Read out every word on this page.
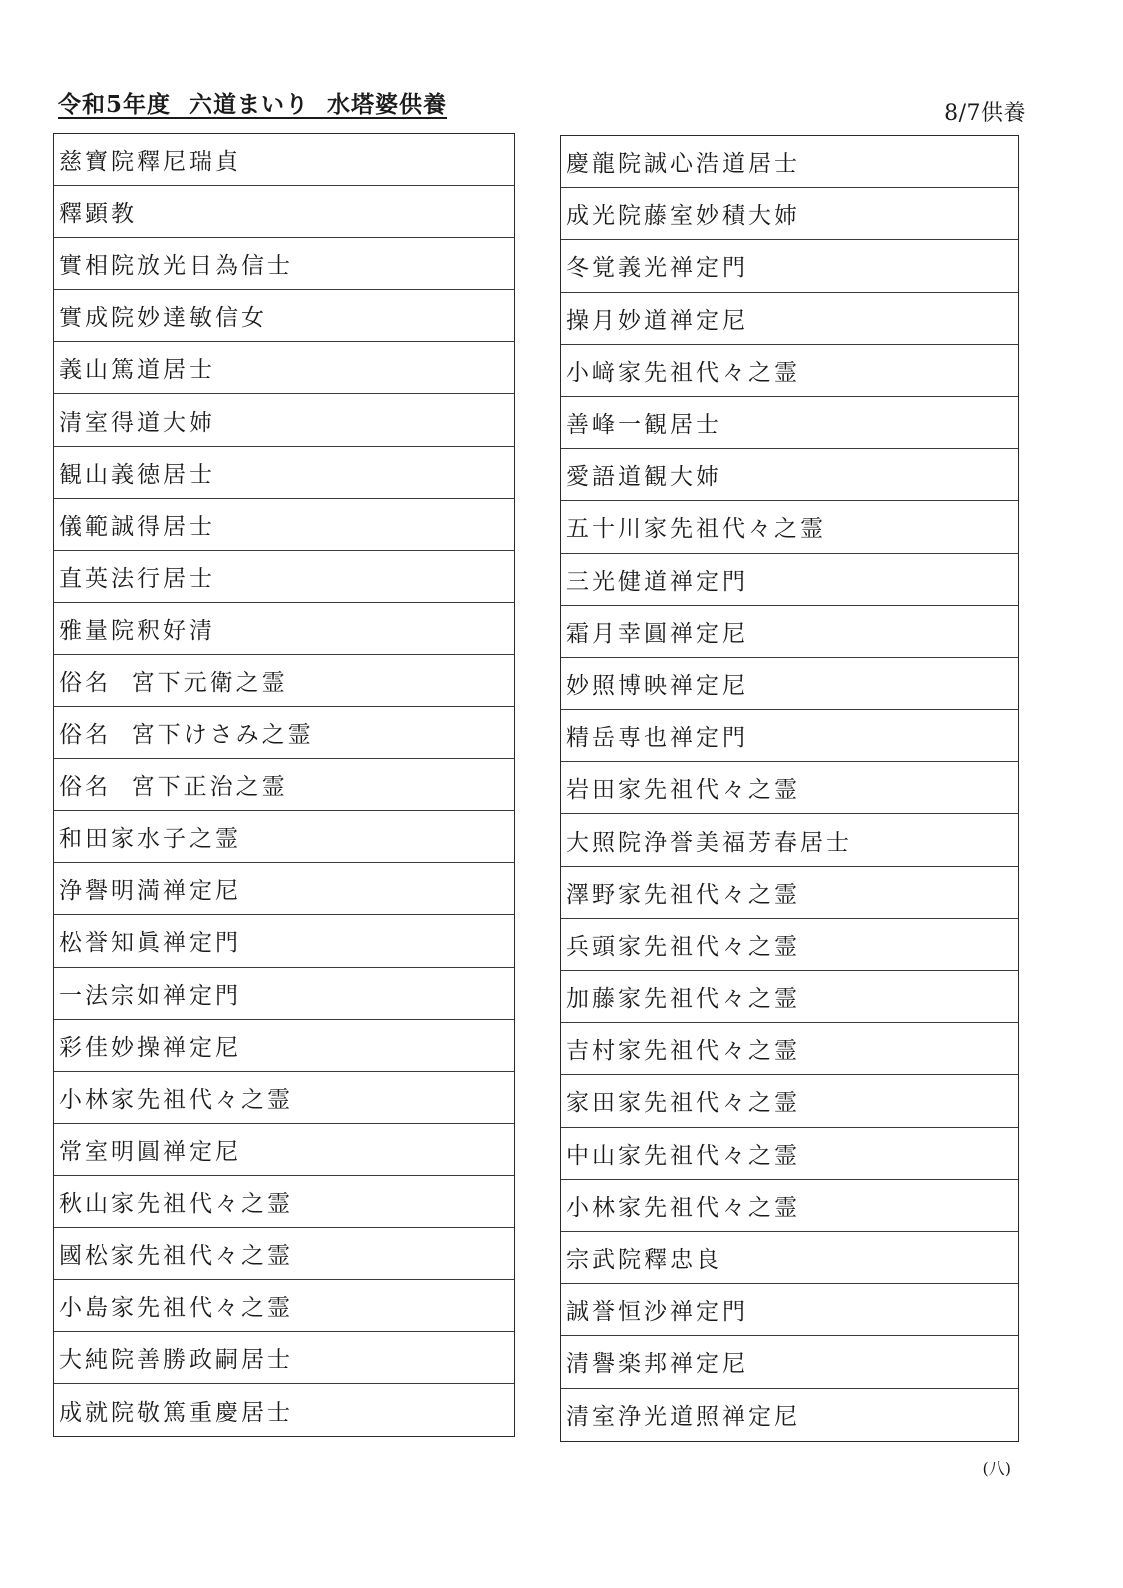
令和5年度  六道まいり  水塔婆供養	8/7供養
慈寶院釋尼瑞貞
釋顕教
實相院放光日為信士
實成院妙達敏信女
義山篤道居士
清室得道大姉
観山義徳居士
儀範誠得居士
直英法行居士
雅量院釈好清
俗名  宮下元衛之霊
俗名  宮下けさみ之霊
俗名  宮下正治之霊
和田家水子之霊
浄譽明満禅定尼
松誉知眞禅定門
一法宗如禅定門
彩佳妙操禅定尼
小林家先祖代々之霊
常室明圓禅定尼
秋山家先祖代々之霊
國松家先祖代々之霊
小島家先祖代々之霊
大純院善勝政嗣居士
成就院敬篤重慶居士
慶龍院誠心浩道居士
成光院藤室妙積大姉
冬覚義光禅定門
操月妙道禅定尼
小﨑家先祖代々之霊
善峰一観居士
愛語道観大姉
五十川家先祖代々之霊
三光健道禅定門
霜月幸圓禅定尼
妙照博映禅定尼
精岳専也禅定門
岩田家先祖代々之霊
大照院浄誉美福芳春居士
澤野家先祖代々之霊
兵頭家先祖代々之霊
加藤家先祖代々之霊
吉村家先祖代々之霊
家田家先祖代々之霊
中山家先祖代々之霊
小林家先祖代々之霊
宗武院釋忠良
誠誉恒沙禅定門
清譽楽邦禅定尼
清室浄光道照禅定尼
(八)
